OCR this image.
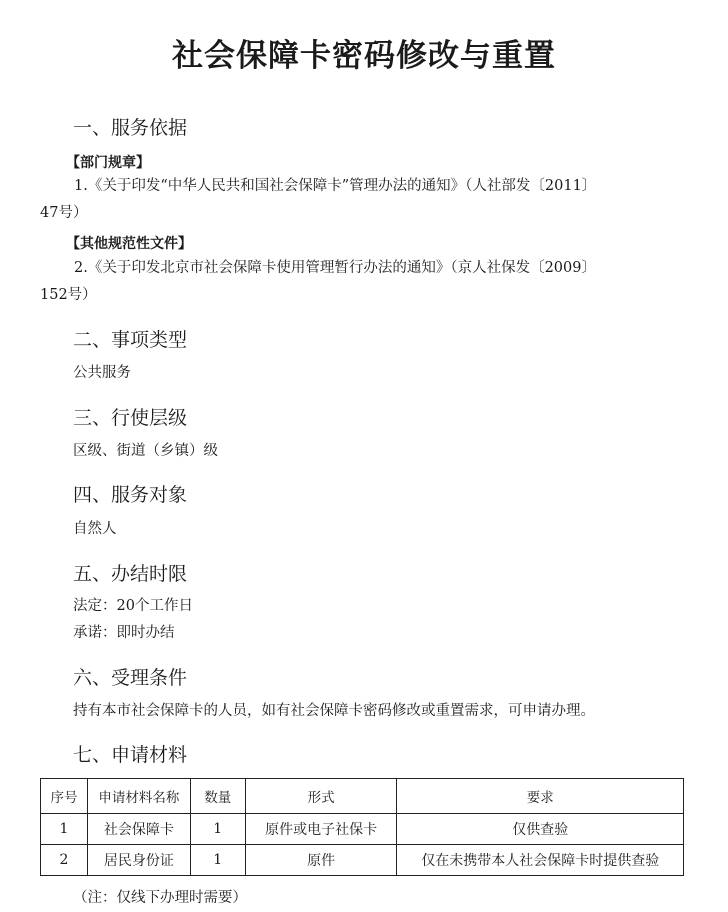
社会保障卡密码修改与重置
一、服务依据
【部门规章】
1.《关于印发“中华人民共和国社会保障卡”管理办法的通知》（人社部发〔2011〕
47号）
【其他规范性文件】
2.《关于印发北京市社会保障卡使用管理暂行办法的通知》（京人社保发〔2009〕
152号）
二、事项类型
公共服务
三、行使层级
区级、街道（乡镇）级
四、服务对象
自然人
五、办结时限
法定：20个工作日
承诺：即时办结
六、受理条件
持有本市社会保障卡的人员，如有社会保障卡密码修改或重置需求，可申请办理。
七、申请材料
序号	申请材料名称	数量	形式	要求
1	社会保障卡	1	原件或电子社保卡	仅供查验
2	居民身份证	1	原件	仅在未携带本人社会保障卡时提供查验
（注：仅线下办理时需要）
